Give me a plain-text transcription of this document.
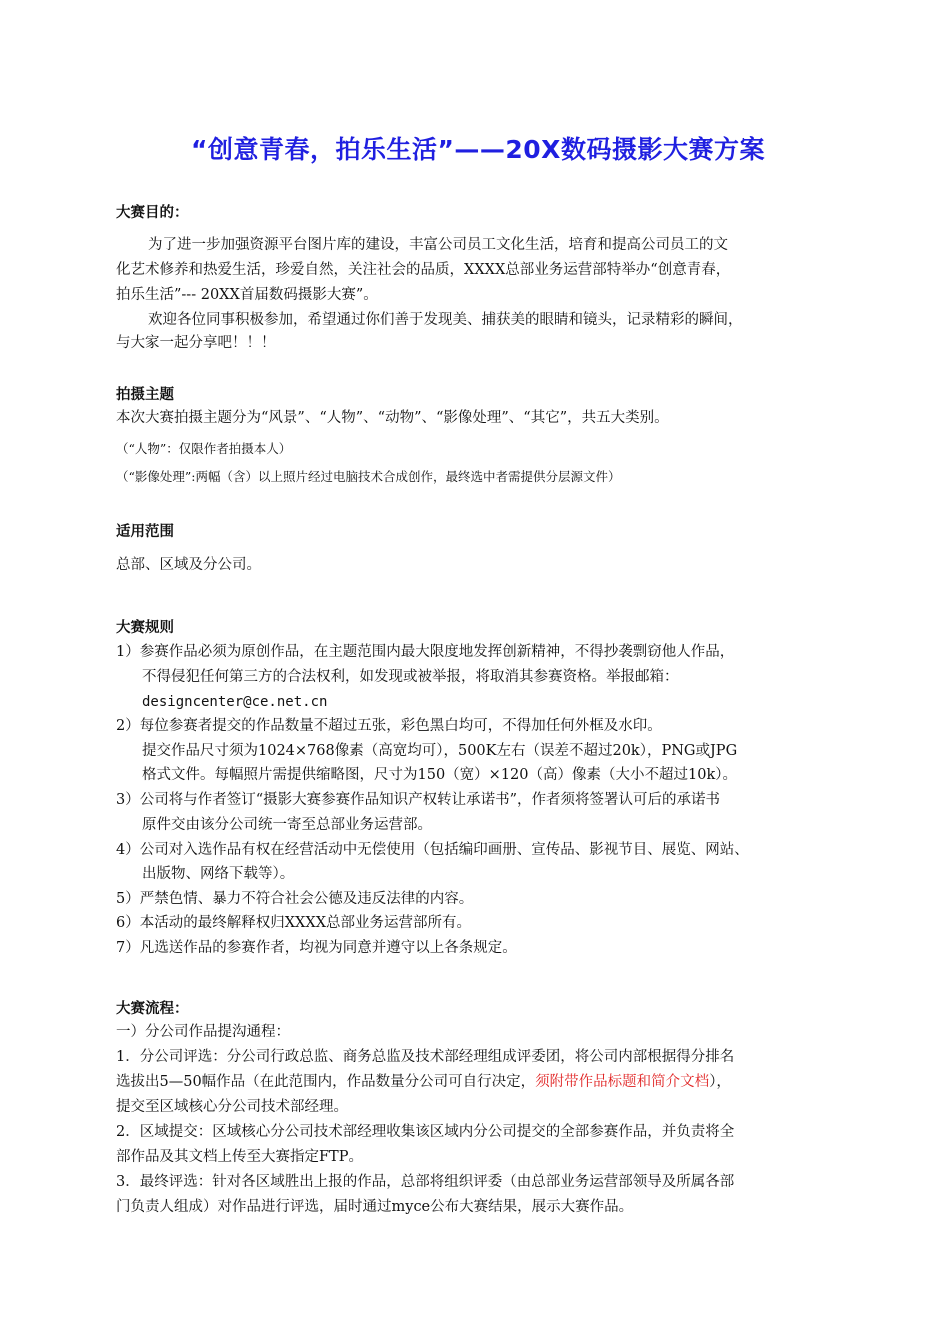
“创意青春，拍乐生活”——20X数码摄影大赛方案
大赛目的：
为了进一步加强资源平台图片库的建设，丰富公司员工文化生活，培育和提高公司员工的文
化艺术修养和热爱生活，珍爱自然，关注社会的品质，XXXX总部业务运营部特举办“创意青春，
拍乐生活”--- 20XX首届数码摄影大赛”。
欢迎各位同事积极参加，希望通过你们善于发现美、捕获美的眼睛和镜头，记录精彩的瞬间，
与大家一起分享吧！！！
拍摄主题
本次大赛拍摄主题分为“风景”、“人物”、“动物”、“影像处理”、“其它”，共五大类别。
（“人物”：仅限作者拍摄本人）
（“影像处理”:两幅（含）以上照片经过电脑技术合成创作，最终选中者需提供分层源文件）
适用范围
总部、区域及分公司。
大赛规则
1）参赛作品必须为原创作品，在主题范围内最大限度地发挥创新精神，不得抄袭剽窃他人作品，
不得侵犯任何第三方的合法权利，如发现或被举报，将取消其参赛资格。举报邮箱：
designcenter@ce.net.cn
2）每位参赛者提交的作品数量不超过五张，彩色黑白均可，不得加任何外框及水印。
提交作品尺寸须为1024×768像素（高宽均可），500K左右（误差不超过20k），PNG或JPG
格式文件。每幅照片需提供缩略图，尺寸为150（宽）×120（高）像素（大小不超过10k）。
3）公司将与作者签订“摄影大赛参赛作品知识产权转让承诺书”，作者须将签署认可后的承诺书
原件交由该分公司统一寄至总部业务运营部。
4）公司对入选作品有权在经营活动中无偿使用（包括编印画册、宣传品、影视节目、展览、网站、
出版物、网络下载等）。
5）严禁色情、暴力不符合社会公德及违反法律的内容。
6）本活动的最终解释权归XXXX总部业务运营部所有。
7）凡选送作品的参赛作者，均视为同意并遵守以上各条规定。
大赛流程：
一）分公司作品提沟通程：
1．分公司评选：分公司行政总监、商务总监及技术部经理组成评委团，将公司内部根据得分排名
选拔出5—50幅作品（在此范围内，作品数量分公司可自行决定，须附带作品标题和简介文档），
提交至区域核心分公司技术部经理。
2．区域提交：区域核心分公司技术部经理收集该区域内分公司提交的全部参赛作品，并负责将全
部作品及其文档上传至大赛指定FTP。
3．最终评选：针对各区域胜出上报的作品，总部将组织评委（由总部业务运营部领导及所属各部
门负责人组成）对作品进行评选，届时通过myce公布大赛结果，展示大赛作品。
